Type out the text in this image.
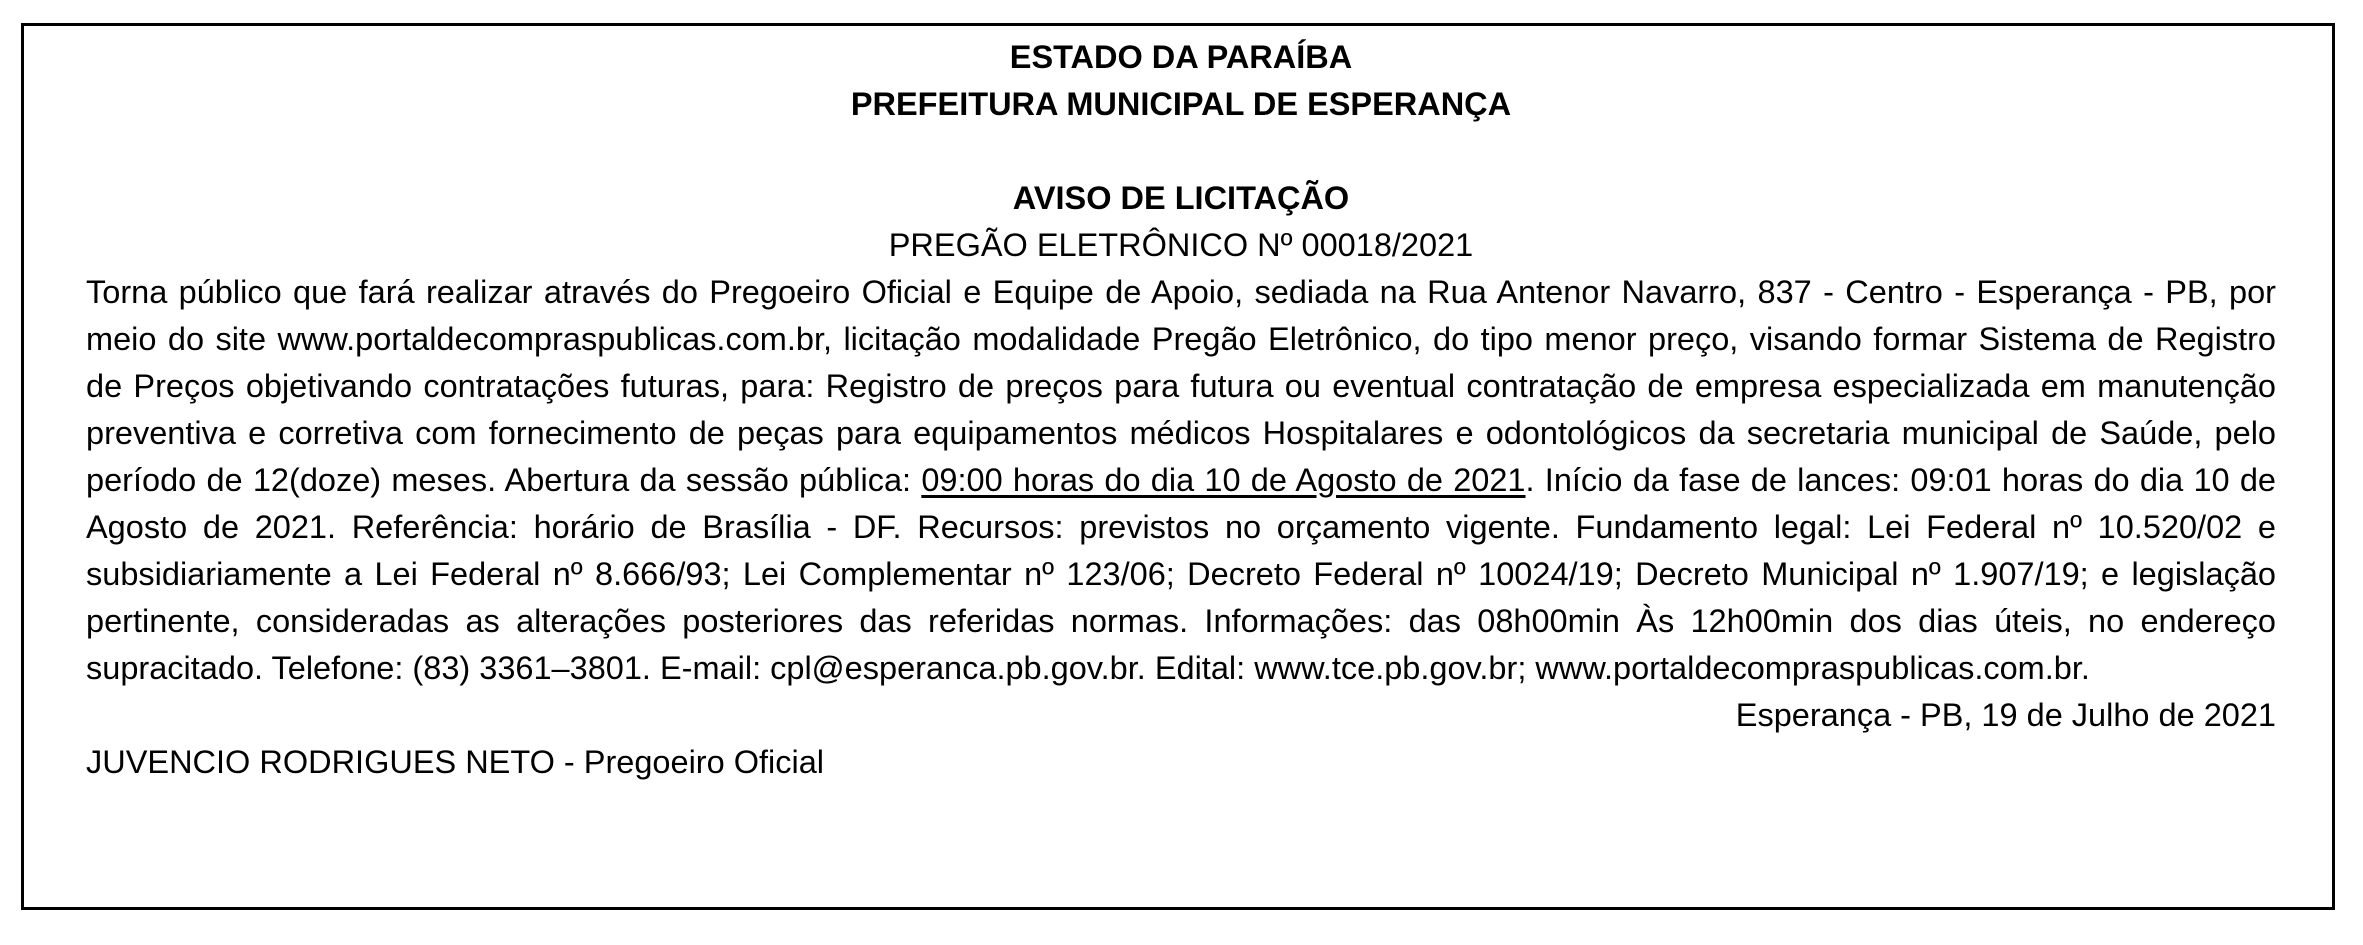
ESTADO DA PARAÍBA
PREFEITURA MUNICIPAL DE ESPERANÇA
AVISO DE LICITAÇÃO
PREGÃO ELETRÔNICO Nº 00018/2021
Torna público que fará realizar através do Pregoeiro Oficial e Equipe de Apoio, sediada na Rua Antenor Navarro, 837 - Centro - Esperança - PB, por meio do site www.portaldecompraspublicas.com.br, licitação modalidade Pregão Eletrônico, do tipo menor preço, visando formar Sistema de Registro de Preços objetivando contratações futuras, para: Registro de preços para futura ou eventual contratação de empresa especializada em manutenção preventiva e corretiva com fornecimento de peças para equipamentos médicos Hospitalares e odontológicos da secretaria municipal de Saúde, pelo período de 12(doze) meses. Abertura da sessão pública: 09:00 horas do dia 10 de Agosto de 2021. Início da fase de lances: 09:01 horas do dia 10 de Agosto de 2021. Referência: horário de Brasília - DF. Recursos: previstos no orçamento vigente. Fundamento legal: Lei Federal nº 10.520/02 e subsidiariamente a Lei Federal nº 8.666/93; Lei Complementar nº 123/06; Decreto Federal nº 10024/19; Decreto Municipal nº 1.907/19; e legislação pertinente, consideradas as alterações posteriores das referidas normas. Informações: das 08h00min Às 12h00min dos dias úteis, no endereço supracitado. Telefone: (83) 3361–3801. E-mail: cpl@esperanca.pb.gov.br. Edital: www.tce.pb.gov.br; www.portaldecompraspublicas.com.br.
Esperança - PB, 19 de Julho de 2021
JUVENCIO RODRIGUES NETO - Pregoeiro Oficial
